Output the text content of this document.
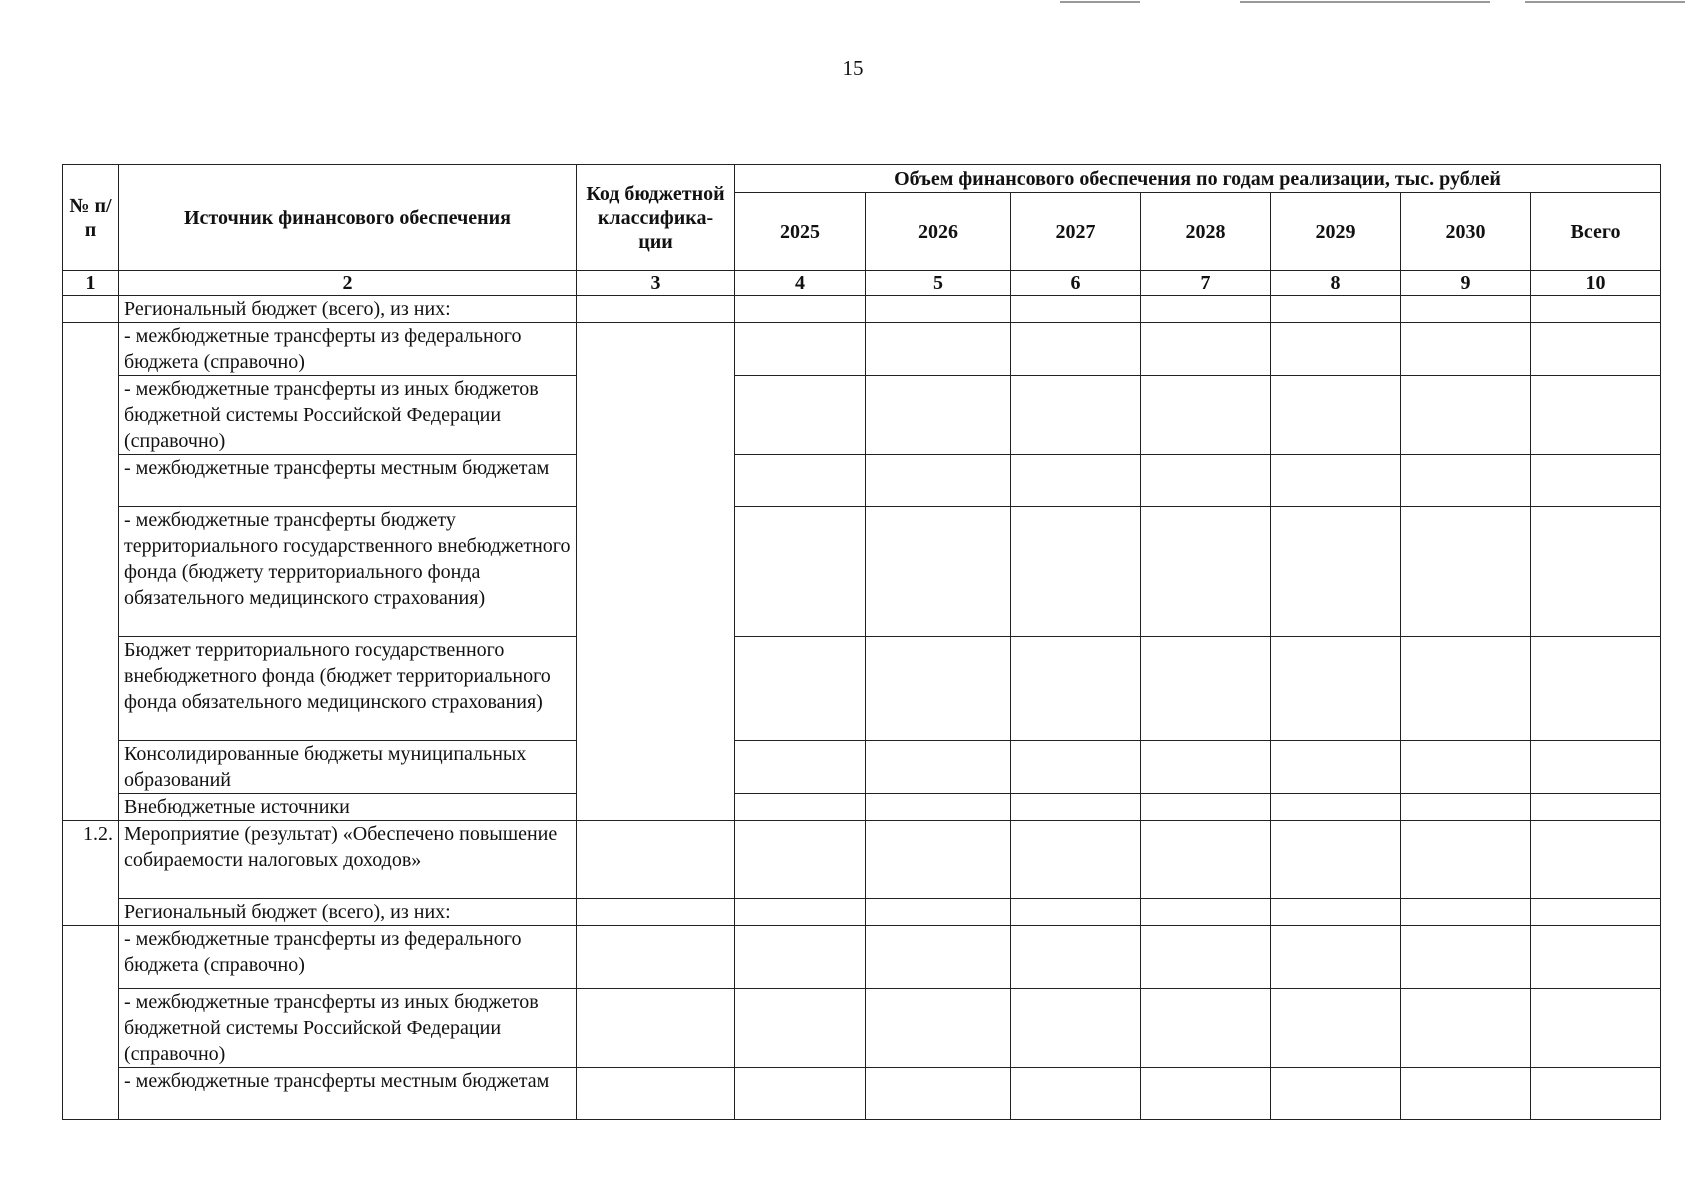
15
№ п/п	Источник финансового обеспечения	Код бюджетной классифика- ции	Объем финансового обеспечения по годам реализации, тыс. рублей						
			2025	2026	2027	2028	2029	2030	Всего
1	2	3	4	5	6	7	8	9	10
	Региональный бюджет (всего), из них:								
	- межбюджетные трансферты из федерального бюджета (справочно)								
	- межбюджетные трансферты из иных бюджетов бюджетной системы Российской Федерации (справочно)								
	- межбюджетные трансферты местным бюджетам								
	- межбюджетные трансферты бюджету территориального государственного внебюджетного фонда (бюджету территориального фонда обязательного медицинского страхования)								
	Бюджет территориального государственного внебюджетного фонда (бюджет территориального фонда обязательного медицинского страхования)								
	Консолидированные бюджеты муниципальных образований								
	Внебюджетные источники								
1.2.	Мероприятие (результат) «Обеспечено повышение собираемости налоговых доходов»								
	Региональный бюджет (всего), из них:								
	- межбюджетные трансферты из федерального бюджета (справочно)								
	- межбюджетные трансферты из иных бюджетов бюджетной системы Российской Федерации (справочно)								
	- межбюджетные трансферты местным бюджетам								
